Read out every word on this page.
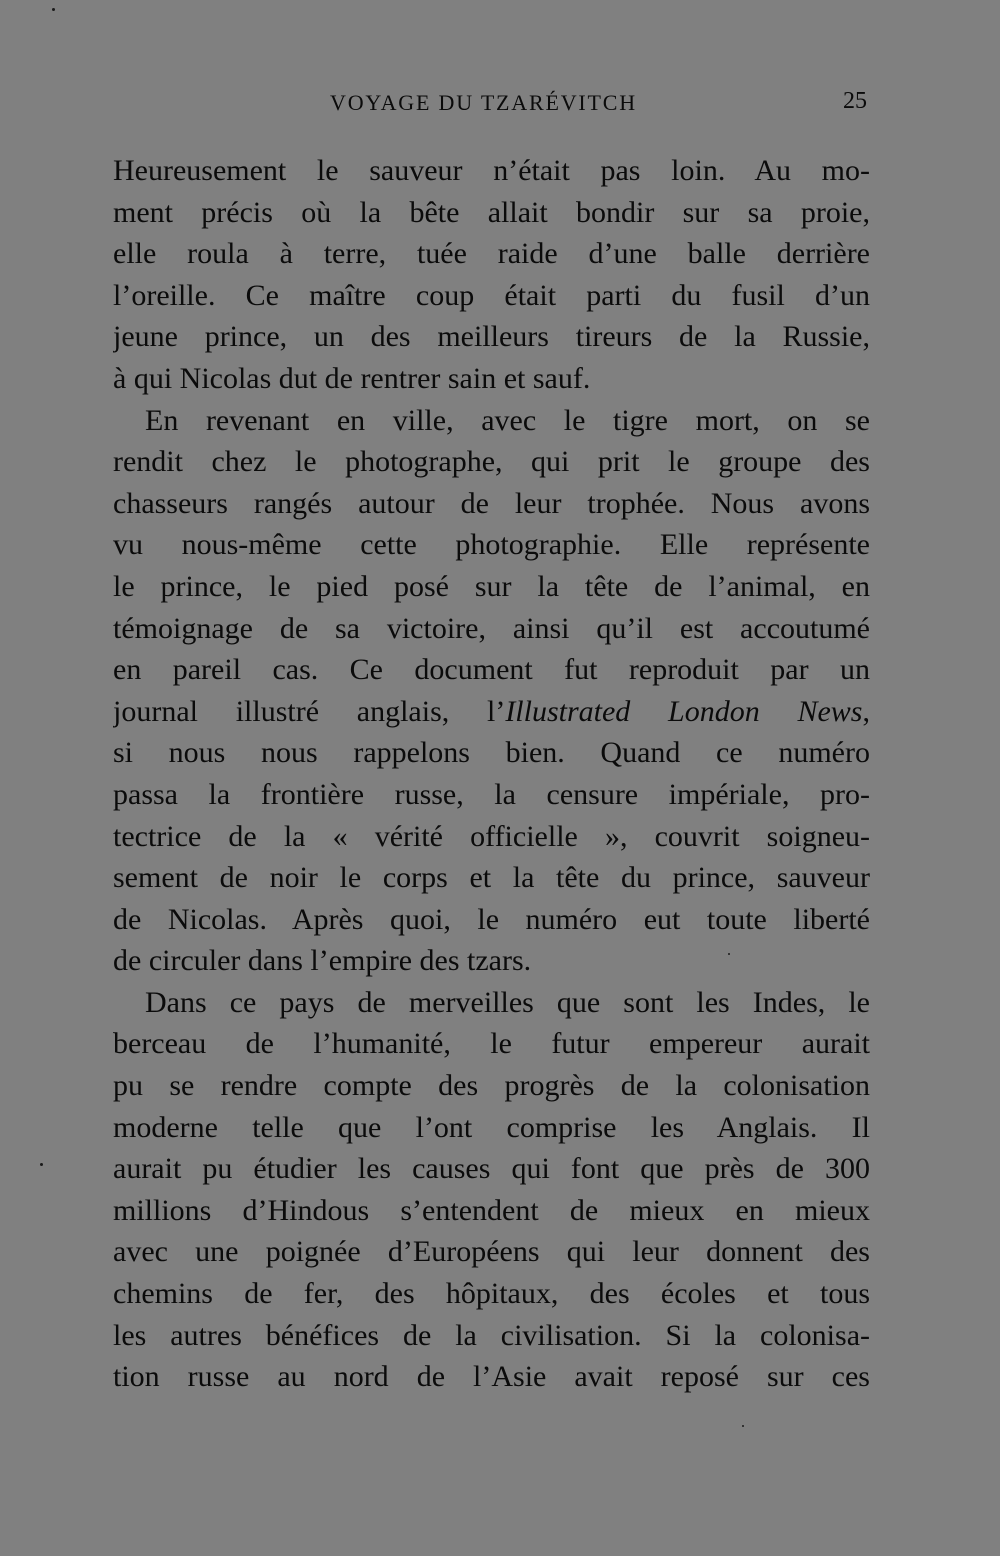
VOYAGE DU TZARÉVITCH	25
Heureusement le sauveur n’était pas loin. Au mo-
ment précis où la bête allait bondir sur sa proie,
elle roula à terre, tuée raide d’une balle derrière
l’oreille. Ce maître coup était parti du fusil d’un
jeune prince, un des meilleurs tireurs de la Russie,
à qui Nicolas dut de rentrer sain et sauf.
En revenant en ville, avec le tigre mort, on se
rendit chez le photographe, qui prit le groupe des
chasseurs rangés autour de leur trophée. Nous avons
vu nous-même cette photographie. Elle représente
le prince, le pied posé sur la tête de l’animal, en
témoignage de sa victoire, ainsi qu’il est accoutumé
en pareil cas. Ce document fut reproduit par un
journal illustré anglais, l’Illustrated London News,
si nous nous rappelons bien. Quand ce numéro
passa la frontière russe, la censure impériale, pro-
tectrice de la « vérité officielle », couvrit soigneu-
sement de noir le corps et la tête du prince, sauveur
de Nicolas. Après quoi, le numéro eut toute liberté
de circuler dans l’empire des tzars.
Dans ce pays de merveilles que sont les Indes, le
berceau de l’humanité, le futur empereur aurait
pu se rendre compte des progrès de la colonisation
moderne telle que l’ont comprise les Anglais. Il
aurait pu étudier les causes qui font que près de 300
millions d’Hindous s’entendent de mieux en mieux
avec une poignée d’Européens qui leur donnent des
chemins de fer, des hôpitaux, des écoles et tous
les autres bénéfices de la civilisation. Si la colonisa-
tion russe au nord de l’Asie avait reposé sur ces
